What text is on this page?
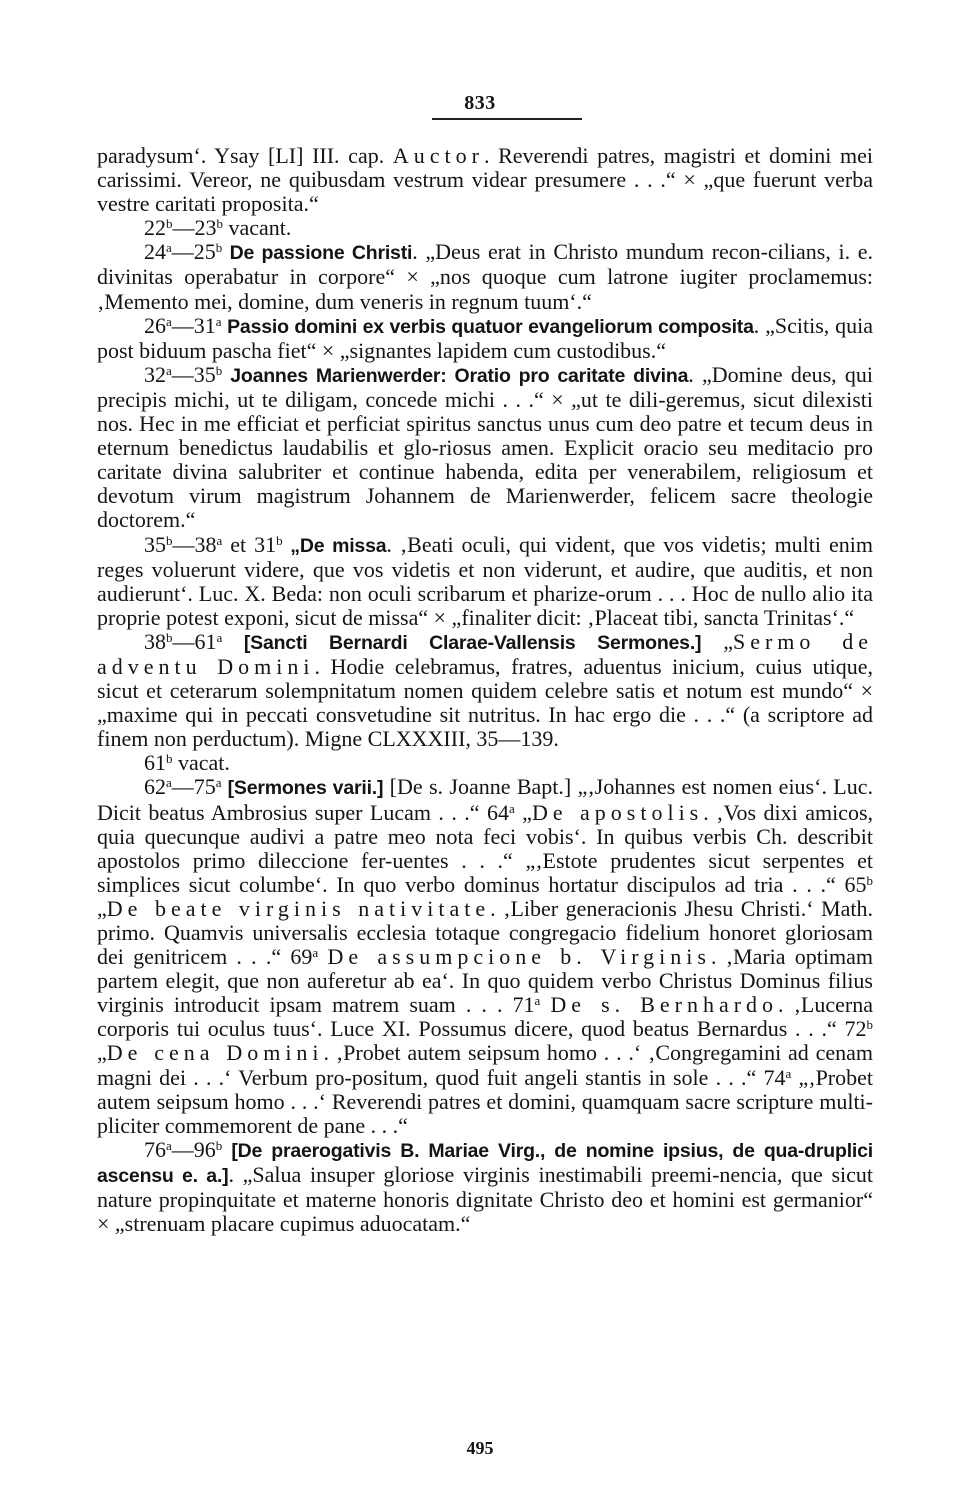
833

paradysum‘. Ysay [LI] III. cap. Auctor. Reverendi patres, magistri et domini mei carissimi. Vereor, ne quibusdam vestrum videar presumere . . .“ × „que fuerunt verba vestre caritati proposita.“

22$^b$—23$^b$ vacant.

24$^a$—25$^b$ De passione Christi. „Deus erat in Christo mundum recon-cilians, i. e. divinitas operabatur in corpore“ × „nos quoque cum latrone iugiter proclamemus: ‚Memento mei, domine, dum veneris in regnum tuum‘.“

26$^a$—31$^a$ Passio domini ex verbis quatuor evangeliorum composita. „Scitis, quia post biduum pascha fiet“ × „signantes lapidem cum custodibus.“

32$^a$—35$^b$ Joannes Marienwerder: Oratio pro caritate divina. „Domine deus, qui precipis michi, ut te diligam, concede michi . . .“ × „ut te dili-geremus, sicut dilexisti nos. Hec in me efficiat et perficiat spiritus sanctus unus cum deo patre et tecum deus in eternum benedictus laudabilis et glo-riosus amen. Explicit oracio seu meditacio pro caritate divina salubriter et continue habenda, edita per venerabilem, religiosum et devotum virum magistrum Johannem de Marienwerder, felicem sacre theologie doctorem.“

35$^b$—38$^a$ et 31$^b$ „De missa. ‚Beati oculi, qui vident, que vos videtis; multi enim reges voluerunt videre, que vos videtis et non viderunt, et audire, que auditis, et non audierunt‘. Luc. X. Beda: non oculi scribarum et pharize-orum . . . Hoc de nullo alio ita proprie potest exponi, sicut de missa“ × „finaliter dicit: ‚Placeat tibi, sancta Trinitas‘.“

38$^b$—61$^a$ [Sancti Bernardi Clarae-Vallensis Sermones.] „Sermo de adventu Domini. Hodie celebramus, fratres, aduentus inicium, cuius utique, sicut et ceterarum solempnitatum nomen quidem celebre satis et notum est mundo“ × „maxime qui in peccati consvetudine sit nutritus. In hac ergo die . . .“ (a scriptore ad finem non perductum). Migne CLXXXIII, 35—139.

61$^b$ vacat.

62$^a$—75$^a$ [Sermones varii.] [De s. Joanne Bapt.] „‚Johannes est nomen eius‘. Luc. Dicit beatus Ambrosius super Lucam . . .“ 64$^a$ „De apostolis. ‚Vos dixi amicos, quia quecunque audivi a patre meo nota feci vobis‘. In quibus verbis Ch. describit apostolos primo dileccione fer-uentes . . .“ „‚Estote prudentes sicut serpentes et simplices sicut columbe‘. In quo verbo dominus hortatur discipulos ad tria . . .“ 65$^b$ „De beate virginis nativitate. ‚Liber generacionis Jhesu Christi.‘ Math. primo. Quamvis universalis ecclesia totaque congregacio fidelium honoret gloriosam dei genitricem . . .“ 69$^a$ De assumpcione b. Virginis. ‚Maria optimam partem elegit, que non auferetur ab ea‘. In quo quidem verbo Christus Dominus filius virginis introducit ipsam matrem suam . . . 71$^a$ De s. Bernhardo. ‚Lucerna corporis tui oculus tuus‘. Luce XI. Possumus dicere, quod beatus Bernardus . . .“ 72$^b$ „De cena Domini. ‚Probet autem seipsum homo . . .‘ ‚Congregamini ad cenam magni dei . . .‘ Verbum pro-positum, quod fuit angeli stantis in sole . . .“ 74$^a$ „‚Probet autem seipsum homo . . .‘ Reverendi patres et domini, quamquam sacre scripture multi-pliciter commemorent de pane . . .“

76$^a$—96$^b$ [De praerogativis B. Mariae Virg., de nomine ipsius, de qua-druplici ascensu e. a.]. „Salua insuper gloriose virginis inestimabili preemi-nencia, que sicut nature propinquitate et materne honoris dignitate Christo deo et homini est germanior“ × „strenuam placare cupimus aduocatam.“

495
